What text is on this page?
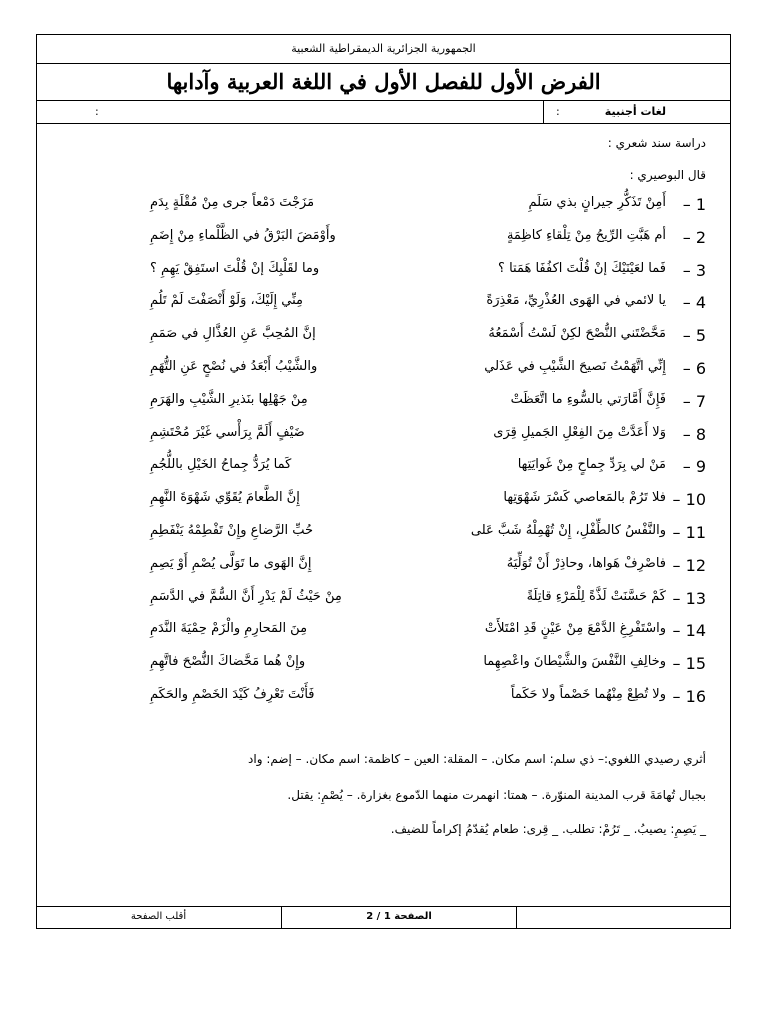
الجمهورية الجزائرية الديمقراطية الشعبية
الفرض الأول للفصل الأول في اللغة العربية وآدابها
لغات أجنبية
:
:
دراسة سند شعري :
قال البوصيري :
أثري رصيدي اللغوي:– ذي سلم: اسم مكان. – المقلة: العين – كاظمة: اسم مكان. – إضم: واد
بجبال تُهامَةَ قرب المدينة المنوّرة. – همتا: انهمرت منهما الدّموع بغزارة. – يُصْمِ: يقتل.
_ يَصِمِ: يصيبُ. _ تَرُمْ: تطلب. _ قِرى: طعام يُقدّمُ إكراماً للضيف.
الصفحة 1 / 2
أقلب الصفحة
1 –
أَمِنْ تَذَكُّرِ جيرانٍ بذي سَلَمِ
مَزَجْتَ دَمْعاً جرى مِنْ مُقْلَةٍ بِدَمِ
2 –
أم هَبَّتِ الرِّيحُ مِنْ تِلْقاءِ كاظِمَةٍ
وأَوْمَضَ البَرْقُ في الظَّلْماءِ مِنْ إِضَمِ
3 –
فَما لعَيْنَيْكَ إنْ قُلْتَ اكفُفَا هَمَتا ؟
وما لقَلْبِكَ إنْ قُلْتَ استَفِقْ يَهِمِ ؟
4 –
يا لائمي في الهَوى العُذْرِيِّ، مَعْذِرَةً
مِنِّي إِلَيْكَ، وَلَوْ أَنْصَفْتَ لَمْ تَلُمِ
5 –
مَحَّضْتَني النُّصْحَ لكِنْ لَسْتُ أَسْمَعُهُ
إنَّ المُحِبَّ عَنِ العُذَّالِ في صَمَمِ
6 –
إِنِّي اتَّهَمْتُ نَصيحَ الشَّيْبِ في عَذَلي
والشَّيْبُ أَبْعَدُ في نُصْحٍ عَنِ التُّهَمِ
7 –
فَإِنَّ أَمَّارَتي بالسُّوءِ ما اتَّعَظَتْ
مِنْ جَهْلِها بنَذيرِ الشَّيْبِ والهَرَمِ
8 –
وَلا أَعَدَّتْ مِنَ الفِعْلِ الجَميلِ قِرَى
ضَيْفٍ أَلَمَّ بِرَأْسي غَيْرَ مُحْتَشِمِ
9 –
مَنْ لي بِرَدِّ جِماحٍ مِنْ غَوايَتِها
كَما يُرَدُّ جِماحُ الخَيْلِ باللُّجُمِ
10 –
فلا تَرُمْ بالمَعاصي كَسْرَ شَهْوَتِها
إِنَّ الطَّعامَ يُقَوِّي شَهْوَةَ النَّهِمِ
11 –
والنَّفْسُ كالطِّفْلِ، إِنْ تُهْمِلْهُ شَبَّ عَلى
حُبِّ الرَّضاعِ وإِنْ تَفْطِمْهُ يَنْفَطِمِ
12 –
فاصْرِفْ هَواها، وحاذِرْ أَنْ تُوَلِّيَهُ
إِنَّ الهَوى ما تَوَلَّى يُصْمِ أَوْ يَصِمِ
13 –
كَمْ حَسَّنَتْ لَذَّةً لِلْمَرْءِ قاتِلَةً
مِنْ حَيْثُ لَمْ يَدْرِ أَنَّ السُّمَّ في الدَّسَمِ
14 –
واسْتَفْرِغِ الدَّمْعَ مِنْ عَيْنٍ قَدِ امْتَلأَتْ
مِنَ المَحارِمِ والْزَمْ حِمْيَةَ النَّدَمِ
15 –
وخالِفِ النَّفْسَ والشَّيْطانَ واعْصِهِما
وإِنْ هُما مَحَّضاكَ النُّصْحَ فاتَّهِمِ
16 –
ولا تُطِعْ مِنْهُما خَصْماً ولا حَكَماً
فَأَنْتَ تَعْرِفُ كَيْدَ الخَصْمِ والحَكَمِ
